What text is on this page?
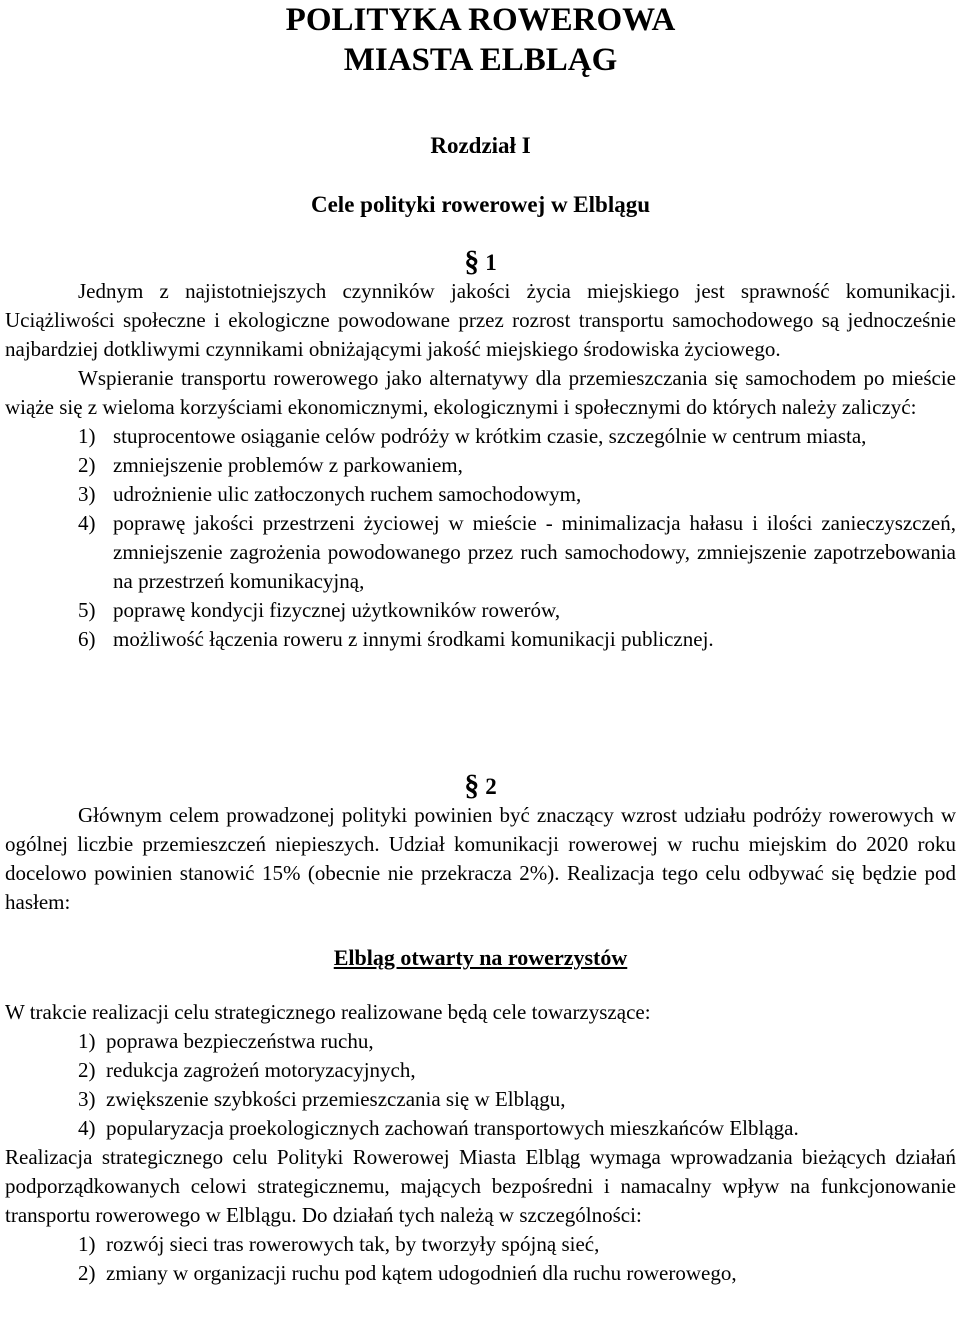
POLITYKA ROWEROWA
MIASTA ELBLĄG
Rozdział I
Cele polityki rowerowej w Elblągu
§ 1

Jednym z najistotniejszych czynników jakości życia miejskiego jest sprawność komunikacji. Uciążliwości społeczne i ekologiczne powodowane przez rozrost transportu samochodowego są jednocześnie najbardziej dotkliwymi czynnikami obniżającymi jakość miejskiego środowiska życiowego.

Wspieranie transportu rowerowego jako alternatywy dla przemieszczania się samochodem po mieście wiąże się z wieloma korzyściami ekonomicznymi, ekologicznymi i społecznymi do których należy zaliczyć:

1) stuprocentowe osiąganie celów podróży w krótkim czasie, szczególnie w centrum miasta,
2) zmniejszenie problemów z parkowaniem,
3) udrożnienie ulic zatłoczonych ruchem samochodowym,
4) poprawę jakości przestrzeni życiowej w mieście - minimalizacja hałasu i ilości zanieczyszczeń, zmniejszenie zagrożenia powodowanego przez ruch samochodowy, zmniejszenie zapotrzebowania na przestrzeń komunikacyjną,
5) poprawę kondycji fizycznej użytkowników rowerów,
6) możliwość łączenia roweru z innymi środkami komunikacji publicznej.
§ 2

Głównym celem prowadzonej polityki powinien być znaczący wzrost udziału podróży rowerowych w ogólnej liczbie przemieszczeń niepieszych. Udział komunikacji rowerowej w ruchu miejskim do 2020 roku docelowo powinien stanowić 15% (obecnie nie przekracza 2%). Realizacja tego celu odbywać się będzie pod hasłem:

Elbląg otwarty na rowerzystów

W trakcie realizacji celu strategicznego realizowane będą cele towarzyszące:

1) poprawa bezpieczeństwa ruchu,
2) redukcja zagrożeń motoryzacyjnych,
3) zwiększenie szybkości przemieszczania się w Elblągu,
4) popularyzacja proekologicznych zachowań transportowych mieszkańców Elbląga.

Realizacja strategicznego celu Polityki Rowerowej Miasta Elbląg wymaga wprowadzania bieżących działań podporządkowanych celowi strategicznemu, mających bezpośredni i namacalny wpływ na funkcjonowanie transportu rowerowego w Elblągu. Do działań tych należą w szczególności:

1) rozwój sieci tras rowerowych tak, by tworzyły spójną sieć,
2) zmiany w organizacji ruchu pod kątem udogodnień dla ruchu rowerowego,
